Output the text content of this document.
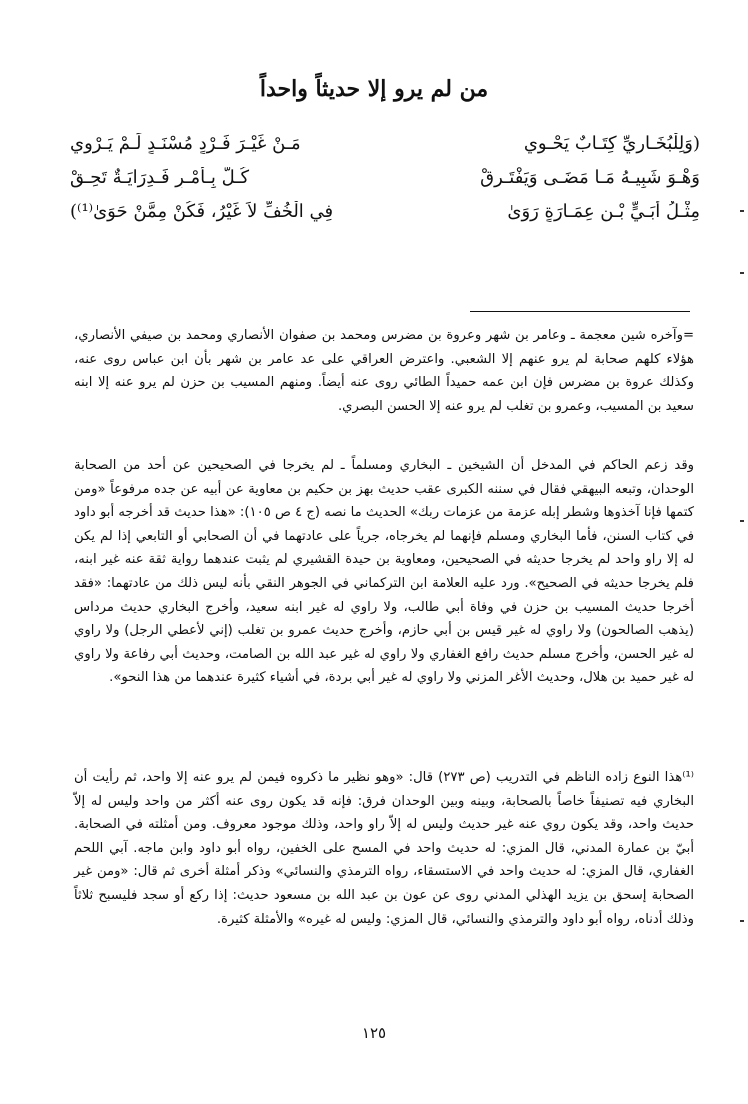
من لم يرو إلا حديثاً واحداً
(وَلِلْبُخَـارِيِّ كِتَـابٌ يَحْـوِي
مَـنْ غَيْـرَ فَـرْدٍ مُسْنَـدٍ لَـمْ يَـرْوِي
وَهْـوَ شَبِيـهُ مَـا مَضَـى وَيَفْتَـرِقْ
كُـلٌّ بِـأَمْـرٍ فَـدِرَايَـةٌ تَحِـقْ
مِثْـلُ أُبَـيٍّ بْـنِ عِمَـارَةٍ رَوَىٰ
فِي الْخُفِّ لاَ غَيْرُ، فَكُنْ مِمَّنْ حَوَىٰ⁽¹⁾)

=وآخره شين معجمة ـ وعامر بن شهر وعروة بن مضرس ومحمد بن صفوان الأنصاري ومحمد بن صيفي الأنصاري، هؤلاء كلهم صحابة لم يرو عنهم إلا الشعبي. واعترض العراقي على عد عامر بن شهر بأن ابن عباس روى عنه، وكذلك عروة بن مضرس فإن ابن عمه حميداً الطائي روى عنه أيضاً. ومنهم المسيب بن حزن لم يرو عنه إلا ابنه سعيد بن المسيب، وعمرو بن تغلب لم يرو عنه إلا الحسن البصري.

وقد زعم الحاكم في المدخل أن الشيخين ـ البخاري ومسلماً ـ لم يخرجا في الصحيحين عن أحد من الصحابة الوحدان، وتبعه البيهقي فقال في سننه الكبرى عقب حديث بهز بن حكيم بن معاوية عن أبيه عن جده مرفوعاً «ومن كتمها فإنا آخذوها وشطر إبله عزمة من عزمات ربك» الحديث ما نصه (ج ٤ ص ١٠٥): «هذا حديث قد أخرجه أبو داود في كتاب السنن، فأما البخاري ومسلم فإنهما لم يخرجاه، جرياً على عادتهما في أن الصحابي أو التابعي إذا لم يكن له إلا راو واحد لم يخرجا حديثه في الصحيحين، ومعاوية بن حيدة القشيري لم يثبت عندهما رواية ثقة عنه غير ابنه، فلم يخرجا حديثه في الصحيح». ورد عليه العلامة ابن التركماني في الجوهر النقي بأنه ليس ذلك من عادتهما: «فقد أخرجا حديث المسيب بن حزن في وفاة أبي طالب، ولا راوي له غير ابنه سعيد، وأخرج البخاري حديث مرداس (يذهب الصالحون) ولا راوي له غير قيس بن أبي حازم، وأخرج حديث عمرو بن تغلب (إني لأعطي الرجل) ولا راوي له غير الحسن، وأخرج مسلم حديث رافع الغفاري ولا راوي له غير عبد الله بن الصامت، وحديث أبي رفاعة ولا راوي له غير حميد بن هلال، وحديث الأغر المزني ولا راوي له غير أبي بردة، في أشياء كثيرة عندهما من هذا النحو».

⁽¹⁾هذا النوع زاده الناظم في التدريب (ص ٢٧٣) قال: «وهو نظير ما ذكروه فيمن لم يرو عنه إلا واحد، ثم رأيت أن البخاري فيه تصنيفاً خاصاً بالصحابة، وبينه وبين الوحدان فرق: فإنه قد يكون روى عنه أكثر من واحد وليس له إلاّ حديث واحد، وقد يكون روي عنه غير حديث وليس له إلاّ راو واحد، وذلك موجود معروف. ومن أمثلته في الصحابة. أبيّ بن عمارة المدني، قال المزي: له حديث واحد في المسح على الخفين، رواه أبو داود وابن ماجه. آبي اللحم الغفاري، قال المزي: له حديث واحد في الاستسقاء، رواه الترمذي والنسائي» وذكر أمثلة أخرى ثم قال: «ومن غير الصحابة إسحق بن يزيد الهذلي المدني روى عن عون بن عبد الله بن مسعود حديث: إذا ركع أو سجد فليسبح ثلاثاً وذلك أدناه، رواه أبو داود والترمذي والنسائي، قال المزي: وليس له غيره» والأمثلة كثيرة.

١٢٥
